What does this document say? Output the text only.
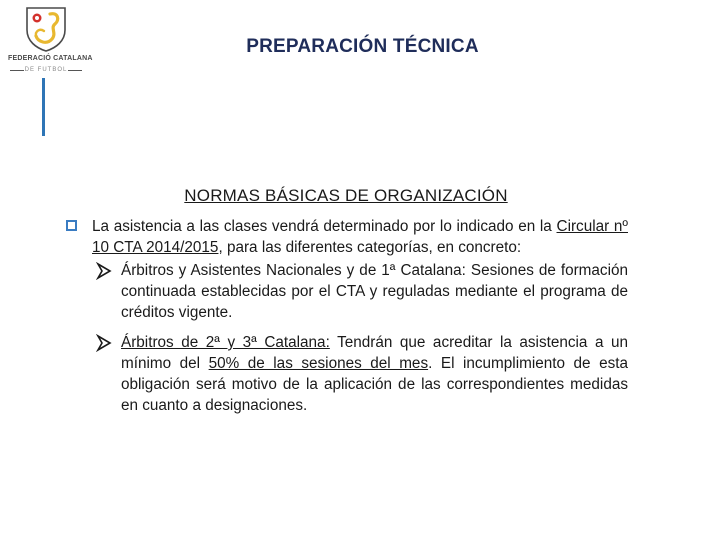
FEDERACIÓ CATALANA
DE FUTBOL
PREPARACIÓN TÉCNICA
NORMAS BÁSICAS DE ORGANIZACIÓN
La asistencia a las clases vendrá determinado por lo indicado en la Circular nº 10 CTA 2014/2015, para las diferentes categorías, en concreto:
Árbitros y Asistentes Nacionales y de 1ª Catalana: Sesiones de formación continuada establecidas por el CTA y reguladas mediante el programa de créditos vigente.
Árbitros de 2ª y 3ª Catalana: Tendrán que acreditar la asistencia a un mínimo del 50% de las sesiones del mes. El incumplimiento de esta obligación será motivo de la aplicación de las correspondientes medidas en cuanto a designaciones.
